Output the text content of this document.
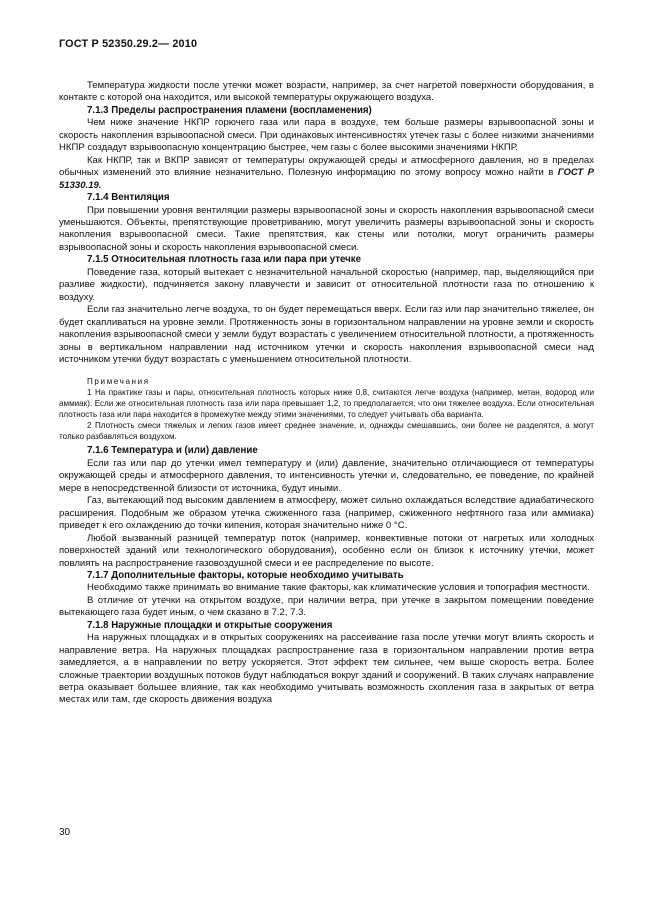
ГОСТ Р 52350.29.2— 2010

Температура жидкости после утечки может возрасти, например, за счет нагретой поверхности оборудования, в контакте с которой она находится, или высокой температуры окружающего воздуха.

7.1.3 Пределы распространения пламени (воспламенения)

Чем ниже значение НКПР горючего газа или пара в воздухе, тем больше размеры взрывоопасной зоны и скорость накопления взрывоопасной смеси. При одинаковых интенсивностях утечек газы с более низкими значениями НКПР создадут взрывоопасную концентрацию быстрее, чем газы с более высокими значениями НКПР.

Как НКПР, так и ВКПР зависят от температуры окружающей среды и атмосферного давления, но в пределах обычных изменений это влияние незначительно. Полезную информацию по этому вопросу можно найти в ГОСТ Р 51330.19.

7.1.4 Вентиляция

При повышении уровня вентиляции размеры взрывоопасной зоны и скорость накопления взрывоопасной смеси уменьшаются. Объекты, препятствующие проветриванию, могут увеличить размеры взрывоопасной зоны и скорость накопления взрывоопасной смеси. Такие препятствия, как стены или потолки, могут ограничить размеры взрывоопасной зоны и скорость накопления взрывоопасной смеси.

7.1.5 Относительная плотность газа или пара при утечке

Поведение газа, который вытекает с незначительной начальной скоростью (например, пар, выделяющийся при разливе жидкости), подчиняется закону плавучести и зависит от относительной плотности газа по отношению к воздуху.

Если газ значительно легче воздуха, то он будет перемещаться вверх. Если газ или пар значительно тяжелее, он будет скапливаться на уровне земли. Протяженность зоны в горизонтальном направлении на уровне земли и скорость накопления взрывоопасной смеси у земли будут возрастать с увеличением относительной плотности, а протяженность зоны в вертикальном направлении над источником утечки и скорость накопления взрывоопасной смеси над источником утечки будут возрастать с уменьшением относительной плотности.

Примечания

1 На практике газы и пары, относительная плотность которых ниже 0,8, считаются легче воздуха (например, метан, водород или аммиак). Если же относительная плотность газа или пара превышает 1,2, то предполагается, что они тяжелее воздуха. Если относительная плотность газа или пара находится в промежутке между этими значениями, то следует учитывать оба варианта.

2 Плотность смеси тяжелых и легких газов имеет среднее значение, и, однажды смешавшись, они более не разделятся, а могут только разбавляться воздухом.

7.1.6 Температура и (или) давление

Если газ или пар до утечки имел температуру и (или) давление, значительно отличающиеся от температуры окружающей среды и атмосферного давления, то интенсивность утечки и, следовательно, ее поведение, по крайней мере в непосредственной близости от источника, будут иными.

Газ, вытекающий под высоким давлением в атмосферу, может сильно охлаждаться вследствие адиабатического расширения. Подобным же образом утечка сжиженного газа (например, сжиженного нефтяного газа или аммиака) приведет к его охлаждению до точки кипения, которая значительно ниже 0 °С.

Любой вызванный разницей температур поток (например, конвективные потоки от нагретых или холодных поверхностей зданий или технологического оборудования), особенно если он близок к источнику утечки, может повлиять на распространение газовоздушной смеси и ее распределение по высоте.

7.1.7 Дополнительные факторы, которые необходимо учитывать

Необходимо также принимать во внимание такие факторы, как климатические условия и топография местности.

В отличие от утечки на открытом воздухе, при наличии ветра, при утечке в закрытом помещении поведение вытекающего газа будет иным, о чем сказано в 7.2, 7.3.

7.1.8 Наружные площадки и открытые сооружения

На наружных площадках и в открытых сооружениях на рассеивание газа после утечки могут влиять скорость и направление ветра. На наружных площадках распространение газа в горизонтальном направлении против ветра замедляется, а в направлении по ветру ускоряется. Этот эффект тем сильнее, чем выше скорость ветра. Более сложные траектории воздушных потоков будут наблюдаться вокруг зданий и сооружений. В таких случаях направление ветра оказывает большее влияние, так как необходимо учитывать возможность скопления газа в закрытых от ветра местах или там, где скорость движения воздуха

30
